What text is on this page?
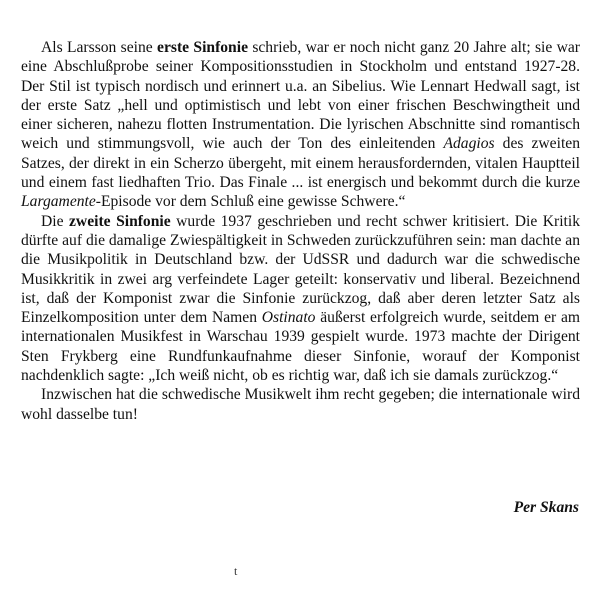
Als Larsson seine erste Sinfonie schrieb, war er noch nicht ganz 20 Jahre alt; sie war eine Abschlußprobe seiner Kompositionsstudien in Stockholm und entstand 1927-28. Der Stil ist typisch nordisch und erinnert u.a. an Sibelius. Wie Lennart Hedwall sagt, ist der erste Satz „hell und optimistisch und lebt von einer frischen Beschwingtheit und einer sicheren, nahezu flotten Instrumentation. Die lyrischen Abschnitte sind romantisch weich und stimmungsvoll, wie auch der Ton des einleitenden Adagios des zweiten Satzes, der direkt in ein Scherzo übergeht, mit einem herausfordernden, vitalen Hauptteil und einem fast liedhaften Trio. Das Finale ... ist energisch und bekommt durch die kurze Largamente-Episode vor dem Schluß eine gewisse Schwere.“

Die zweite Sinfonie wurde 1937 geschrieben und recht schwer kritisiert. Die Kritik dürfte auf die damalige Zwiespältigkeit in Schweden zurückzuführen sein: man dachte an die Musikpolitik in Deutschland bzw. der UdSSR und dadurch war die schwedische Musikkritik in zwei arg verfeindete Lager geteilt: konservativ und liberal. Bezeichnend ist, daß der Komponist zwar die Sinfonie zurückzog, daß aber deren letzter Satz als Einzelkomposition unter dem Namen Ostinato äußerst erfolgreich wurde, seitdem er am internationalen Musikfest in Warschau 1939 gespielt wurde. 1973 machte der Dirigent Sten Frykberg eine Rundfunkaufnahme dieser Sinfonie, worauf der Komponist nachdenklich sagte: „Ich weiß nicht, ob es richtig war, daß ich sie damals zurückzog.“

Inzwischen hat die schwedische Musikwelt ihm recht gegeben; die internationale wird wohl dasselbe tun!

Per Skans
t
